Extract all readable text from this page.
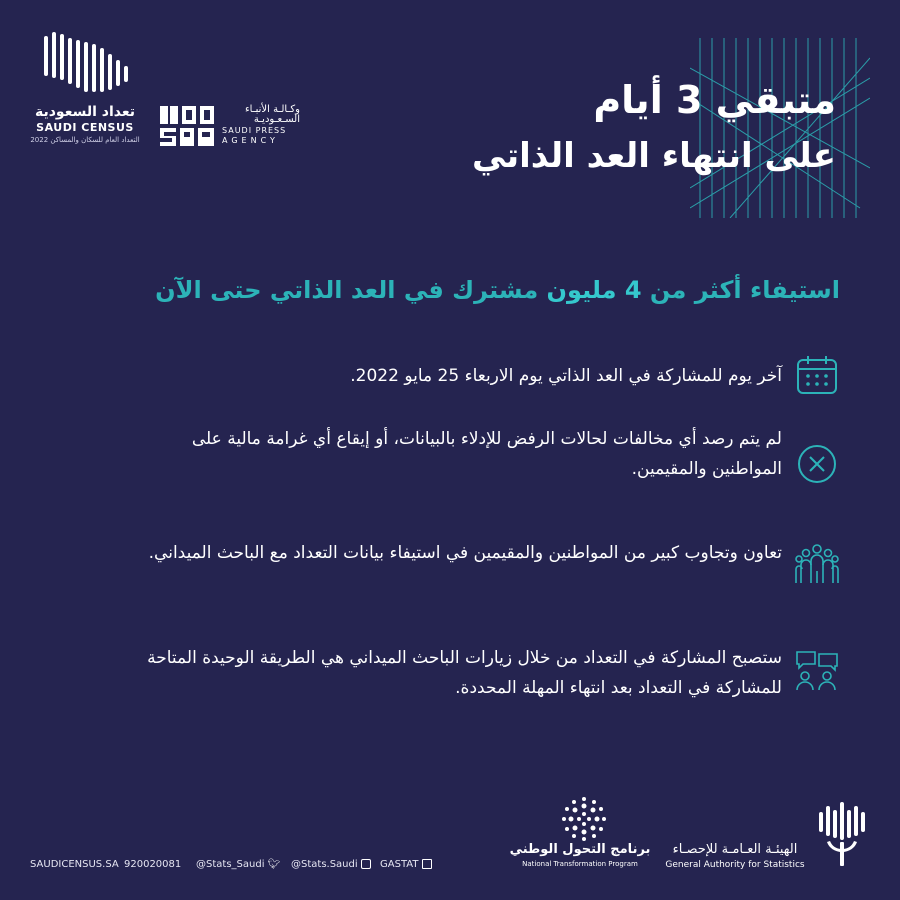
تعداد السعودية
SAUDI CENSUS
التعداد العام للسكان والمساكن 2022
وكـالـة الأنبـاء
السـعـوديـة
SAUDI PRESS
AGENCY
متبقي 3 أيام
على انتهاء العد الذاتي
استيفاء أكثر من 4 مليون مشترك في العد الذاتي حتى الآن
آخر يوم للمشاركة في العد الذاتي يوم الاربعاء 25 مايو 2022.
لم يتم رصد أي مخالفات لحالات الرفض للإدلاء بالبيانات، أو إيقاع أي غرامة مالية على المواطنين والمقيمين.
تعاون وتجاوب كبير من المواطنين والمقيمين في استيفاء بيانات التعداد مع الباحث الميداني.
ستصبح المشاركة في التعداد من خلال زيارات الباحث الميداني هي الطريقة الوحيدة المتاحة للمشاركة في التعداد بعد انتهاء المهلة المحددة.
SAUDICENSUS.SA 920020081 @Stats_Saudi 🐦︎ @Stats.Saudi	GASTAT
برنامج التحول الوطني
National Transformation Program
الهيئـة العـامـة للإحصـاء
General Authority for Statistics
